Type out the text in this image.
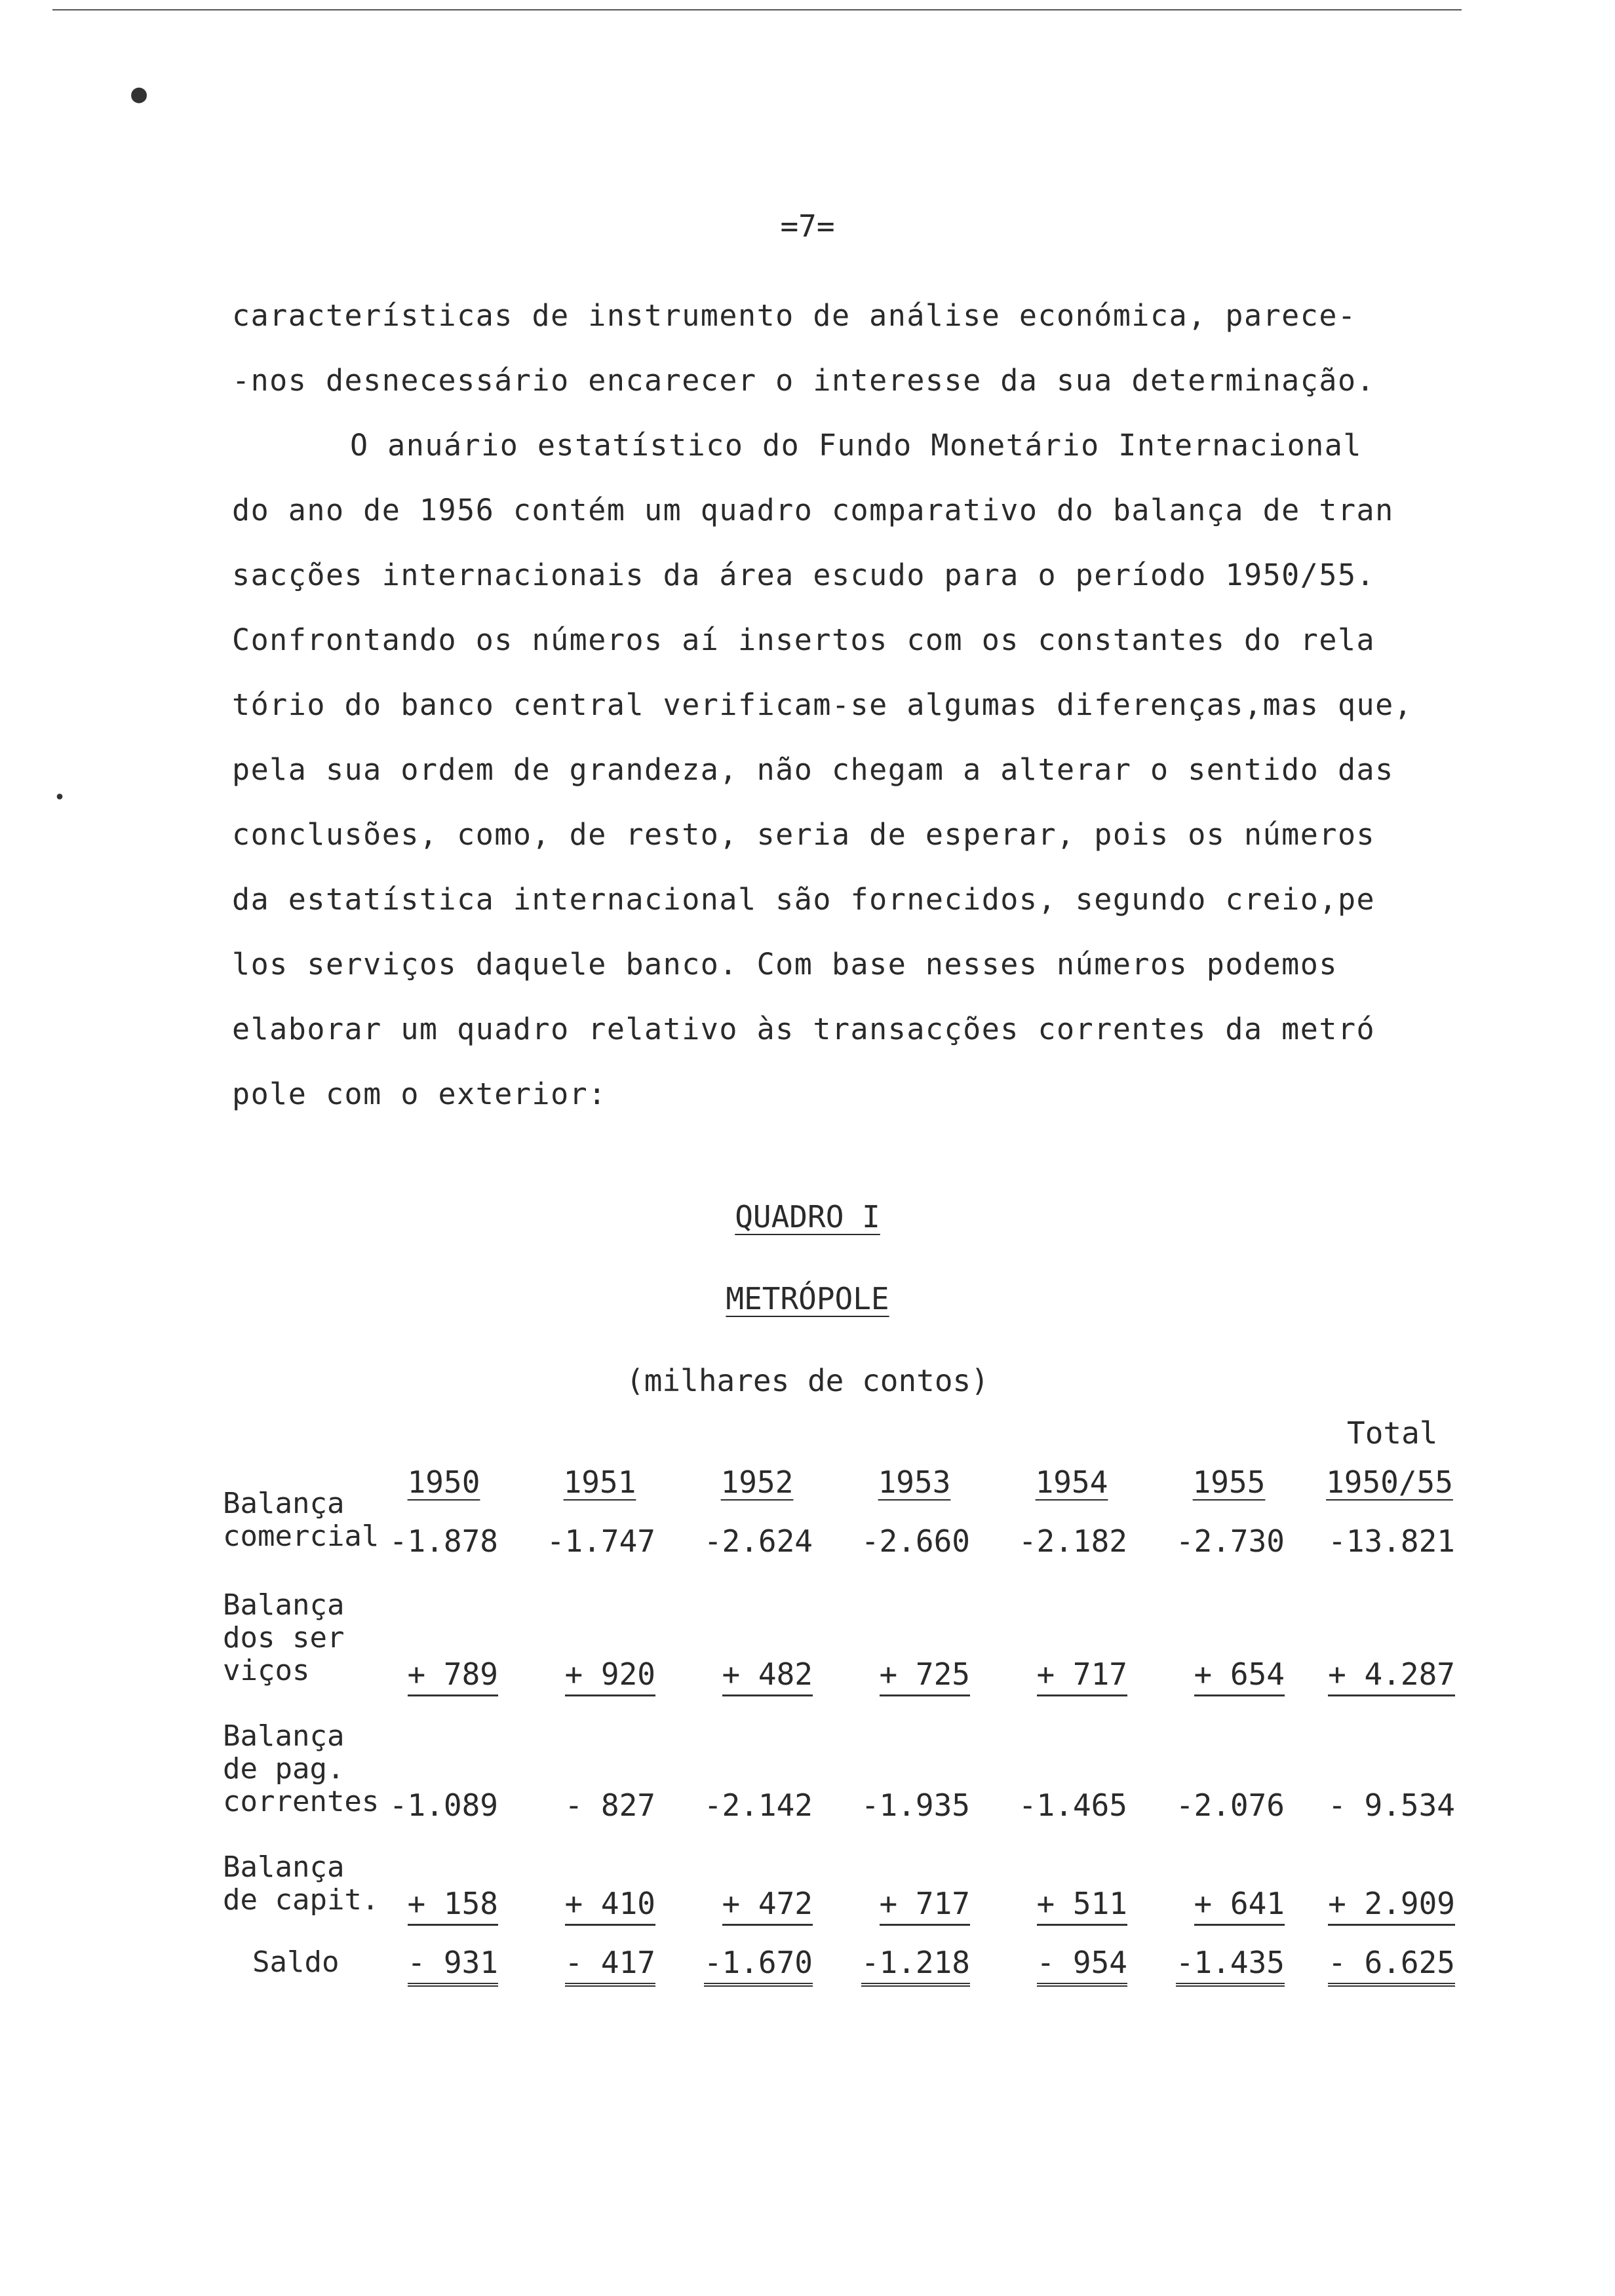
●
•
=7=
características de instrumento de análise económica, parece-
-nos desnecessário encarecer o interesse da sua determinação.
O anuário estatístico do Fundo Monetário Internacional
do ano de 1956 contém um quadro comparativo do balança de tran
sacções internacionais da área escudo para o período 1950/55.
Confrontando os números aí insertos com os constantes do rela
tório do banco central verificam-se algumas diferenças,mas que,
pela sua ordem de grandeza, não chegam a alterar o sentido das
conclusões, como, de resto, seria de esperar, pois os números
da estatística internacional são fornecidos, segundo creio,pe
los serviços daquele banco. Com base nesses números podemos
elaborar um quadro relativo às transacções correntes da metró
pole com o exterior:
QUADRO I
METRÓPOLE
(milhares de contos)
Total
1950	1951	1952	1953	1954	1955	1950/55
Balança
comercial -1.878	-1.747	-2.624	-2.660	-2.182	-2.730	-13.821
Balança
dos ser
viços	+ 789	+ 920	+ 482	+ 725	+ 717	+ 654	+ 4.287
Balança
de pag.
correntes -1.089	- 827	-2.142	-1.935	-1.465	-2.076	- 9.534
Balança
de capit. + 158	+ 410	+ 472	+ 717	+ 511	+ 641	+ 2.909
Saldo	- 931	- 417	-1.670	-1.218	- 954	-1.435	- 6.625
